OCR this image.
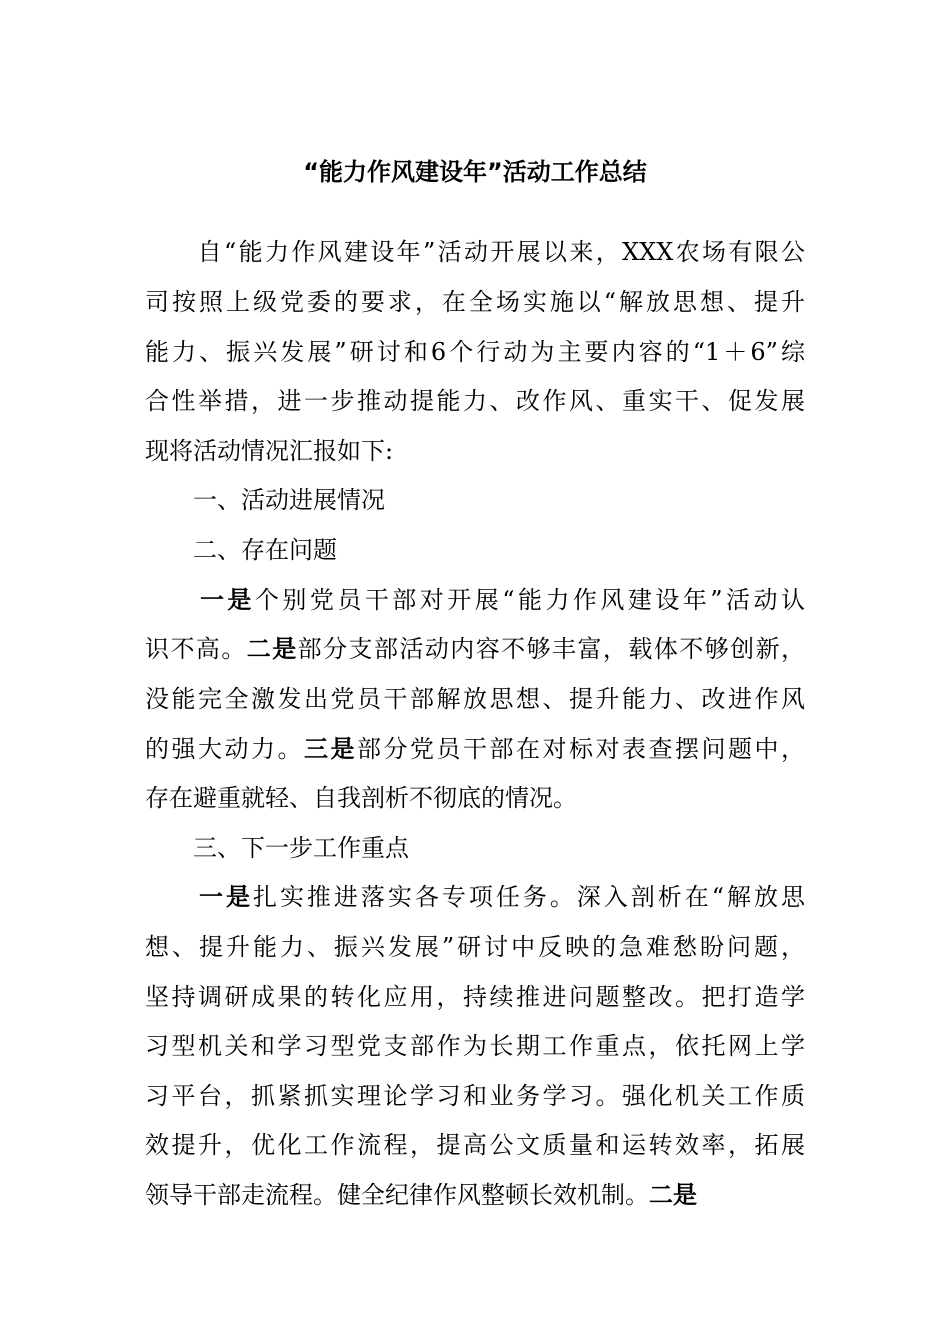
“能力作风建设年”活动工作总结
　　自“能力作风建设年”活动开展以来，XXX农场有限公
司按照上级党委的要求，在全场实施以“解放思想、提升
能力、振兴发展”研讨和6个行动为主要内容的“1＋6”综
合性举措，进一步推动提能力、改作风、重实干、促发展
现将活动情况汇报如下:
　　一、活动进展情况
　　二、存在问题
　　一是个别党员干部对开展“能力作风建设年”活动认
识不高。二是部分支部活动内容不够丰富，载体不够创新，
没能完全激发出党员干部解放思想、提升能力、改进作风
的强大动力。三是部分党员干部在对标对表查摆问题中，
存在避重就轻、自我剖析不彻底的情况。
　　三、下一步工作重点
　　一是扎实推进落实各专项任务。深入剖析在“解放思
想、提升能力、振兴发展”研讨中反映的急难愁盼问题，
坚持调研成果的转化应用，持续推进问题整改。把打造学
习型机关和学习型党支部作为长期工作重点，依托网上学
习平台，抓紧抓实理论学习和业务学习。强化机关工作质
效提升，优化工作流程，提高公文质量和运转效率，拓展
领导干部走流程。健全纪律作风整顿长效机制。二是
